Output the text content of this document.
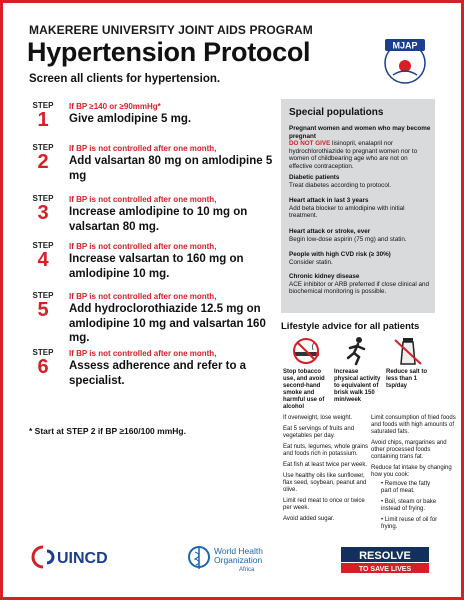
MAKERERE UNIVERSITY JOINT AIDS PROGRAM
Hypertension Protocol
Screen all clients for hypertension.
MJAP
STEP
1
If BP ≥140 or ≥90mmHg*
Give amlodipine 5 mg.
STEP
2
If BP is not controlled after one month,
Add valsartan 80 mg on amlodipine 5 mg
STEP
3
If BP is not controlled after one month,
Increase amlodipine to 10 mg on valsartan 80 mg.
STEP
4
If BP is not controlled after one month,
Increase valsartan to 160 mg on amlodipine 10 mg.
STEP
5
If BP is not controlled after one month,
Add hydroclorothiazide 12.5 mg on amlodipine 10 mg and valsartan 160 mg.
STEP
6
If BP is not controlled after one month,
Assess adherence and refer to a specialist.
* Start at STEP 2 if BP ≥160/100 mmHg.
Special populations
Pregnant women and women who may become pregnant
DO NOT GIVE lisinopril, enalapril nor hydrochlorothiazide to pregnant women nor to women of childbearing age who are not on effective contraception.
Diabetic patients
Treat diabetes according to protocol.
Heart attack in last 3 years
Add beta blocker to amlodipine with initial treatment.
Heart attack or stroke, ever
Begin low-dose aspirin (75 mg) and statin.
People with high CVD risk (≥ 30%)
Consider statin.
Chronic kidney disease
ACE inhibitor or ARB preferred if close clinical and biochemical monitoring is possible.
Lifestyle advice for all patients
Stop tobacco use, and avoid second-hand smoke and harmful use of alcohol
Increase physical activity to equivalent of brisk walk 150 min/week
Reduce salt to less than 1 tsp/day
If overweight, lose weight.
Eat 5 servings of fruits and vegetables per day.
Eat nuts, legumes, whole grains and foods rich in potassium.
Eat fish at least twice per week.
Use healthy oils like sunflower, flax seed, soybean, peanut and olive.
Limit red meat to once or twice per week.
Avoid added sugar.
Limit consumption of fried foods and foods with high amounts of saturated fats.
Avoid chips, margarines and other processed foods containing trans fat.
Reduce fat intake by changing how you cook:
• Remove the fatty part of meat.
• Boil, steam or bake instead of frying.
• Limit reuse of oil for frying.
UINCD	World Health
Organization
Africa
RESOLVE
TO SAVE LIVES
